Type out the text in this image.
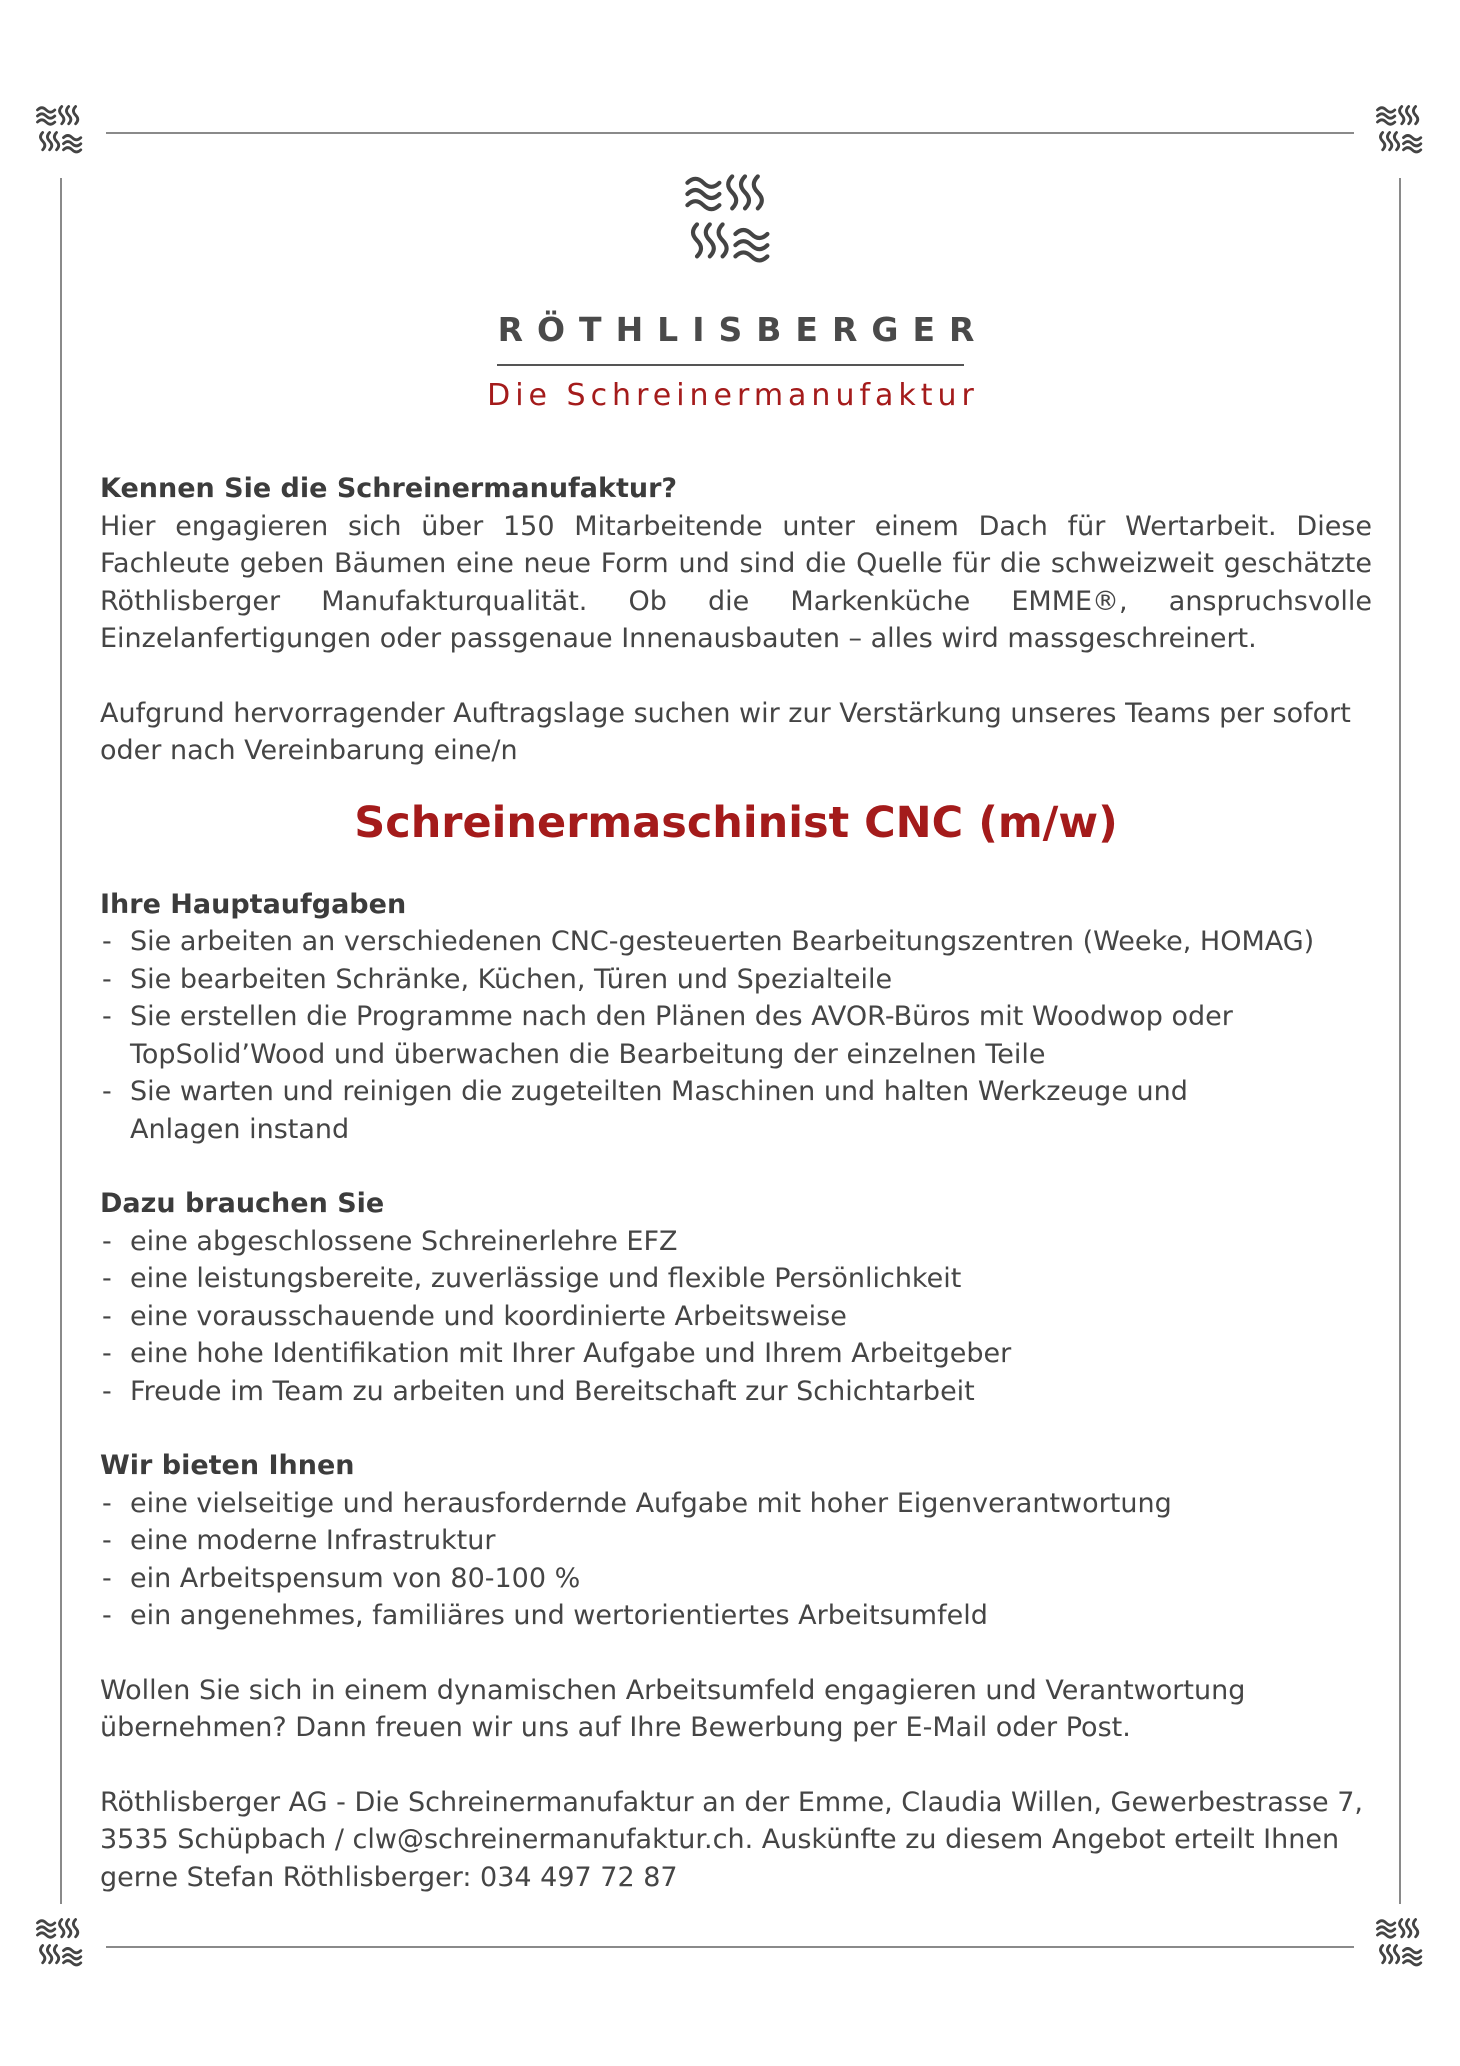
RÖTHLISBERGER
Die Schreinermanufaktur

Kennen Sie die Schreinermanufaktur?

Hier engagieren sich über 150 Mitarbeitende unter einem Dach für Wertarbeit. Diese Fachleute geben Bäumen eine neue Form und sind die Quelle für die schweizweit geschätzte Röthlisberger Manufakturqualität. Ob die Markenküche EMME®, anspruchsvolle Einzelanfertigungen oder passgenaue Innenausbauten – alles wird massgeschreinert.

Aufgrund hervorragender Auftragslage suchen wir zur Verstärkung unseres Teams per sofort oder nach Vereinbarung eine/n

Schreinermaschinist CNC (m/w)

Ihre Hauptaufgaben

- Sie arbeiten an verschiedenen CNC-gesteuerten Bearbeitungszentren (Weeke, HOMAG)
- Sie bearbeiten Schränke, Küchen, Türen und Spezialteile
- Sie erstellen die Programme nach den Plänen des AVOR-Büros mit Woodwop oder TopSolid’Wood und überwachen die Bearbeitung der einzelnen Teile
- Sie warten und reinigen die zugeteilten Maschinen und halten Werkzeuge und Anlagen instand

Dazu brauchen Sie

- eine abgeschlossene Schreinerlehre EFZ
- eine leistungsbereite, zuverlässige und flexible Persönlichkeit
- eine vorausschauende und koordinierte Arbeitsweise
- eine hohe Identifikation mit Ihrer Aufgabe und Ihrem Arbeitgeber
- Freude im Team zu arbeiten und Bereitschaft zur Schichtarbeit

Wir bieten Ihnen

- eine vielseitige und herausfordernde Aufgabe mit hoher Eigenverantwortung
- eine moderne Infrastruktur
- ein Arbeitspensum von 80-100 %
- ein angenehmes, familiäres und wertorientiertes Arbeitsumfeld

Wollen Sie sich in einem dynamischen Arbeitsumfeld engagieren und Verantwortung übernehmen? Dann freuen wir uns auf Ihre Bewerbung per E-Mail oder Post.

Röthlisberger AG - Die Schreinermanufaktur an der Emme, Claudia Willen, Gewerbestrasse 7, 3535 Schüpbach / clw@schreinermanufaktur.ch. Auskünfte zu diesem Angebot erteilt Ihnen gerne Stefan Röthlisberger: 034 497 72 87
